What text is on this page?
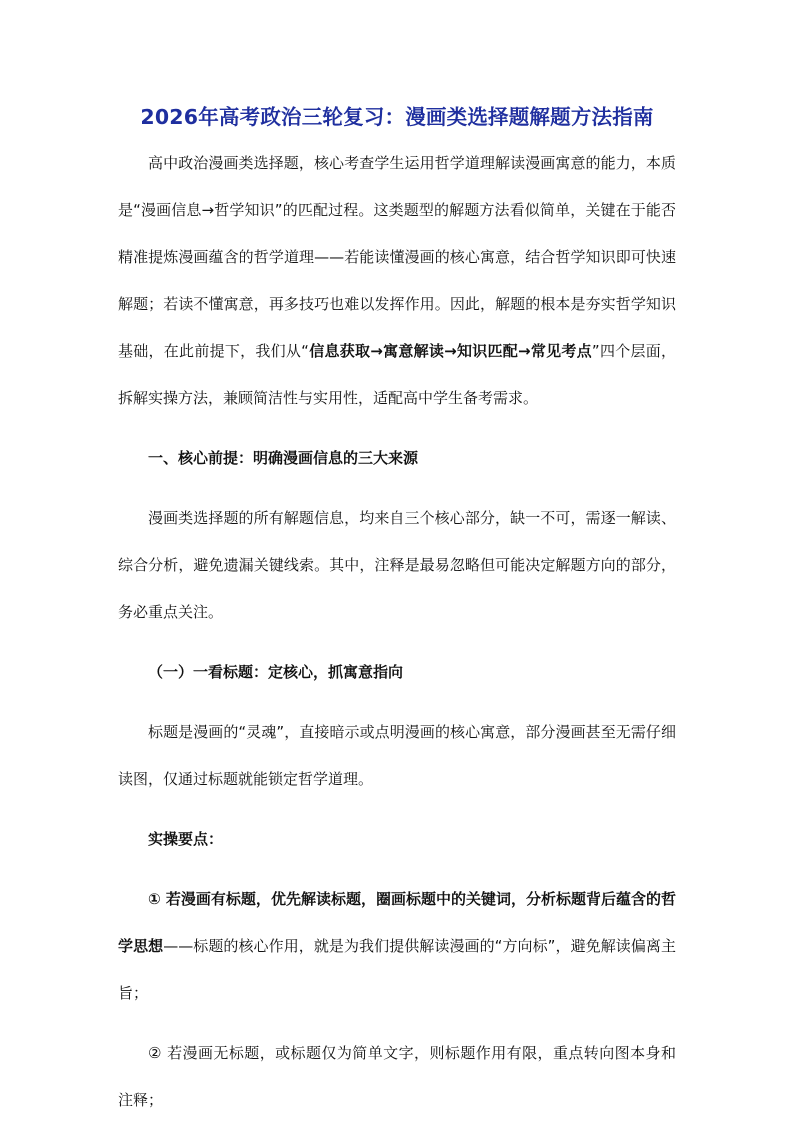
2026年高考政治三轮复习：漫画类选择题解题方法指南

高中政治漫画类选择题，核心考查学生运用哲学道理解读漫画寓意的能力，本质是“漫画信息→哲学知识”的匹配过程。这类题型的解题方法看似简单，关键在于能否精准提炼漫画蕴含的哲学道理——若能读懂漫画的核心寓意，结合哲学知识即可快速解题；若读不懂寓意，再多技巧也难以发挥作用。因此，解题的根本是夯实哲学知识基础，在此前提下，我们从“信息获取→寓意解读→知识匹配→常见考点”四个层面，拆解实操方法，兼顾简洁性与实用性，适配高中学生备考需求。

一、核心前提：明确漫画信息的三大来源

漫画类选择题的所有解题信息，均来自三个核心部分，缺一不可，需逐一解读、综合分析，避免遗漏关键线索。其中，注释是最易忽略但可能决定解题方向的部分，务必重点关注。

（一）一看标题：定核心，抓寓意指向

标题是漫画的“灵魂”，直接暗示或点明漫画的核心寓意，部分漫画甚至无需仔细读图，仅通过标题就能锁定哲学道理。

实操要点：

① 若漫画有标题，优先解读标题，圈画标题中的关键词，分析标题背后蕴含的哲学思想——标题的核心作用，就是为我们提供解读漫画的“方向标”，避免解读偏离主旨；

② 若漫画无标题，或标题仅为简单文字，则标题作用有限，重点转向图本身和注释；
